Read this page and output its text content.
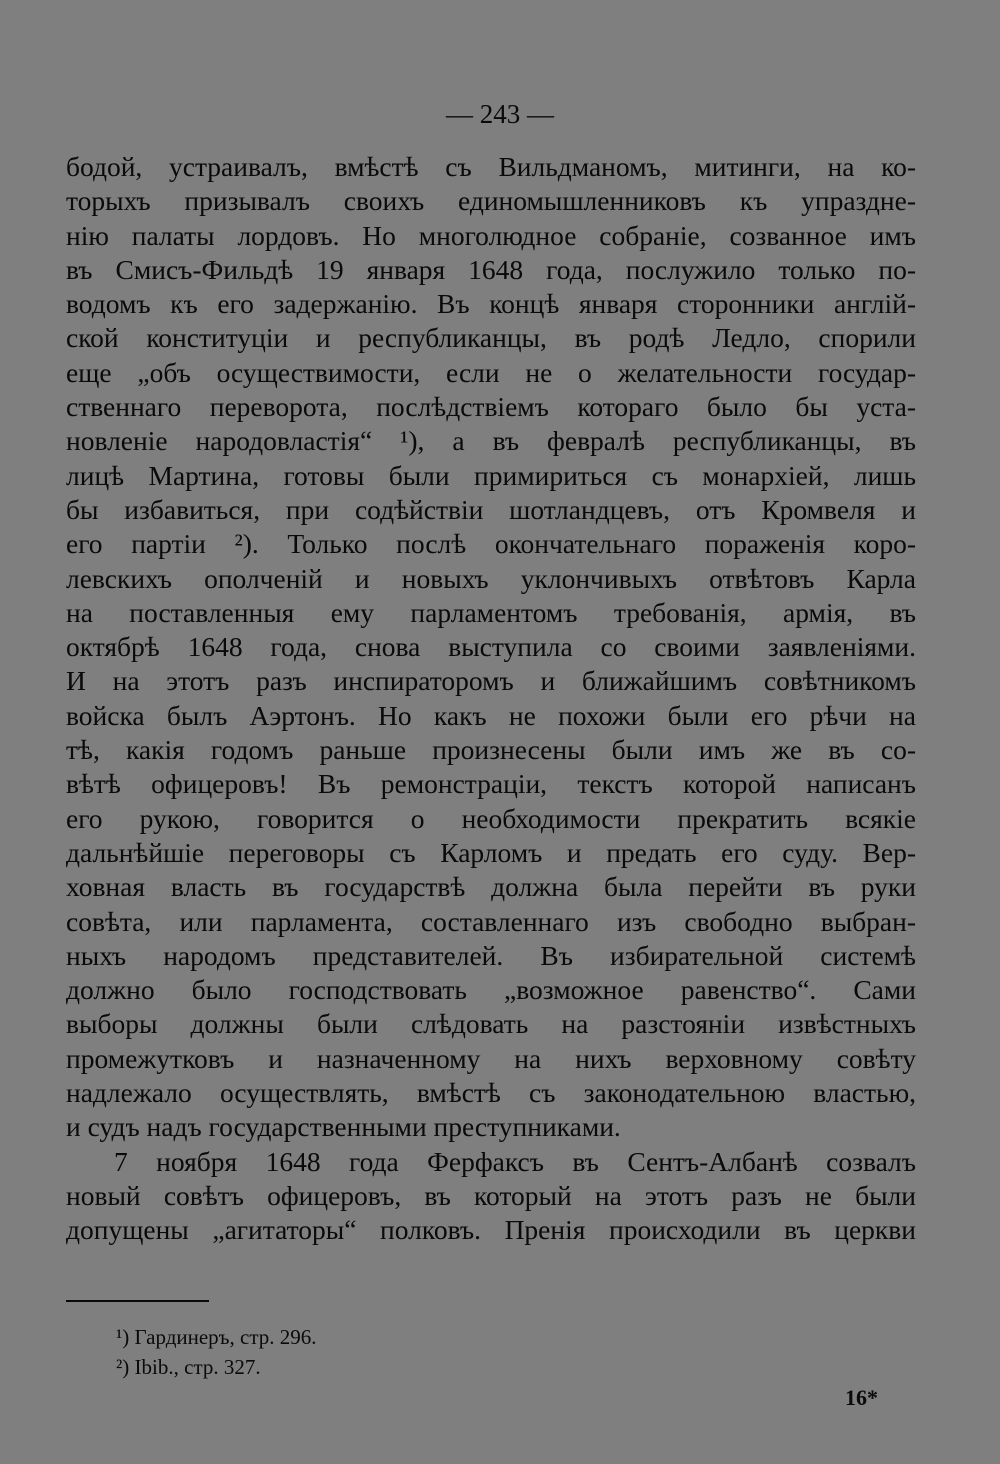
— 243 —
бодой, устраивалъ, вмѣстѣ съ Вильдманомъ, митинги, на ко-
торыхъ призывалъ своихъ единомышленниковъ къ упраздне-
нію палаты лордовъ. Но многолюдное собраніе, созванное имъ
въ Смисъ-Фильдѣ 19 января 1648 года, послужило только по-
водомъ къ его задержанію. Въ концѣ января сторонники англій-
ской конституціи и республиканцы, въ родѣ Ледло, спорили
еще „объ осуществимости, если не о желательности государ-
ственнаго переворота, послѣдствіемъ котораго было бы уста-
новленіе народовластія“ ¹), а въ февралѣ республиканцы, въ
лицѣ Мартина, готовы были примириться съ монархіей, лишь
бы избавиться, при содѣйствіи шотландцевъ, отъ Кромвеля и
его партіи ²). Только послѣ окончательнаго пораженія коро-
левскихъ ополченій и новыхъ уклончивыхъ отвѣтовъ Карла
на поставленныя ему парламентомъ требованія, армія, въ
октябрѣ 1648 года, снова выступила со своими заявленіями.
И на этотъ разъ инспираторомъ и ближайшимъ совѣтникомъ
войска былъ Аэртонъ. Но какъ не похожи были его рѣчи на
тѣ, какія годомъ раньше произнесены были имъ же въ со-
вѣтѣ офицеровъ! Въ ремонстраціи, текстъ которой написанъ
его рукою, говорится о необходимости прекратить всякіе
дальнѣйшіе переговоры съ Карломъ и предать его суду. Вер-
ховная власть въ государствѣ должна была перейти въ руки
совѣта, или парламента, составленнаго изъ свободно выбран-
ныхъ народомъ представителей. Въ избирательной системѣ
должно было господствовать „возможное равенство“. Сами
выборы должны были слѣдовать на разстояніи извѣстныхъ
промежутковъ и назначенному на нихъ верховному совѣту
надлежало осуществлять, вмѣстѣ съ законодательною властью,
и судъ надъ государственными преступниками.
7 ноября 1648 года Ферфаксъ въ Сентъ-Албанѣ созвалъ
новый совѣтъ офицеровъ, въ который на этотъ разъ не были
допущены „агитаторы“ полковъ. Пренія происходили въ церкви
¹) Гардинеръ, стр. 296.
²) Ibib., стр. 327.
16*
